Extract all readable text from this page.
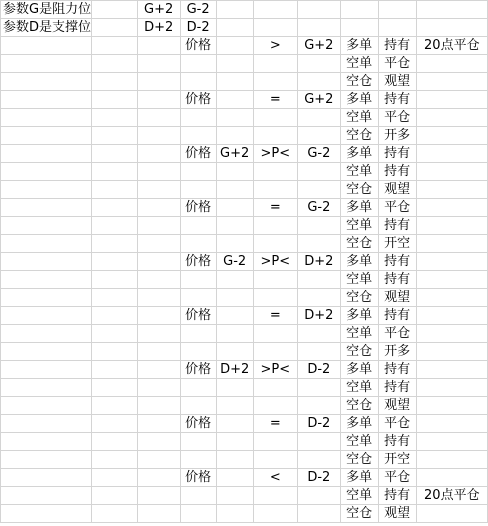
参数G是阻力位		G+2	G-2						
参数D是支撑位		D+2	D-2						
			价格		>	G+2	多单	持有	20点平仓
							空单	平仓	
							空仓	观望	
			价格		=	G+2	多单	持有	
							空单	平仓	
							空仓	开多	
			价格	G+2	>P<	G-2	多单	持有	
							空单	持有	
							空仓	观望	
			价格		=	G-2	多单	平仓	
							空单	持有	
							空仓	开空	
			价格	G-2	>P<	D+2	多单	持有	
							空单	持有	
							空仓	观望	
			价格		=	D+2	多单	持有	
							空单	平仓	
							空仓	开多	
			价格	D+2	>P<	D-2	多单	持有	
							空单	持有	
							空仓	观望	
			价格		=	D-2	多单	平仓	
							空单	持有	
							空仓	开空	
			价格		<	D-2	多单	平仓	
							空单	持有	20点平仓
							空仓	观望	
